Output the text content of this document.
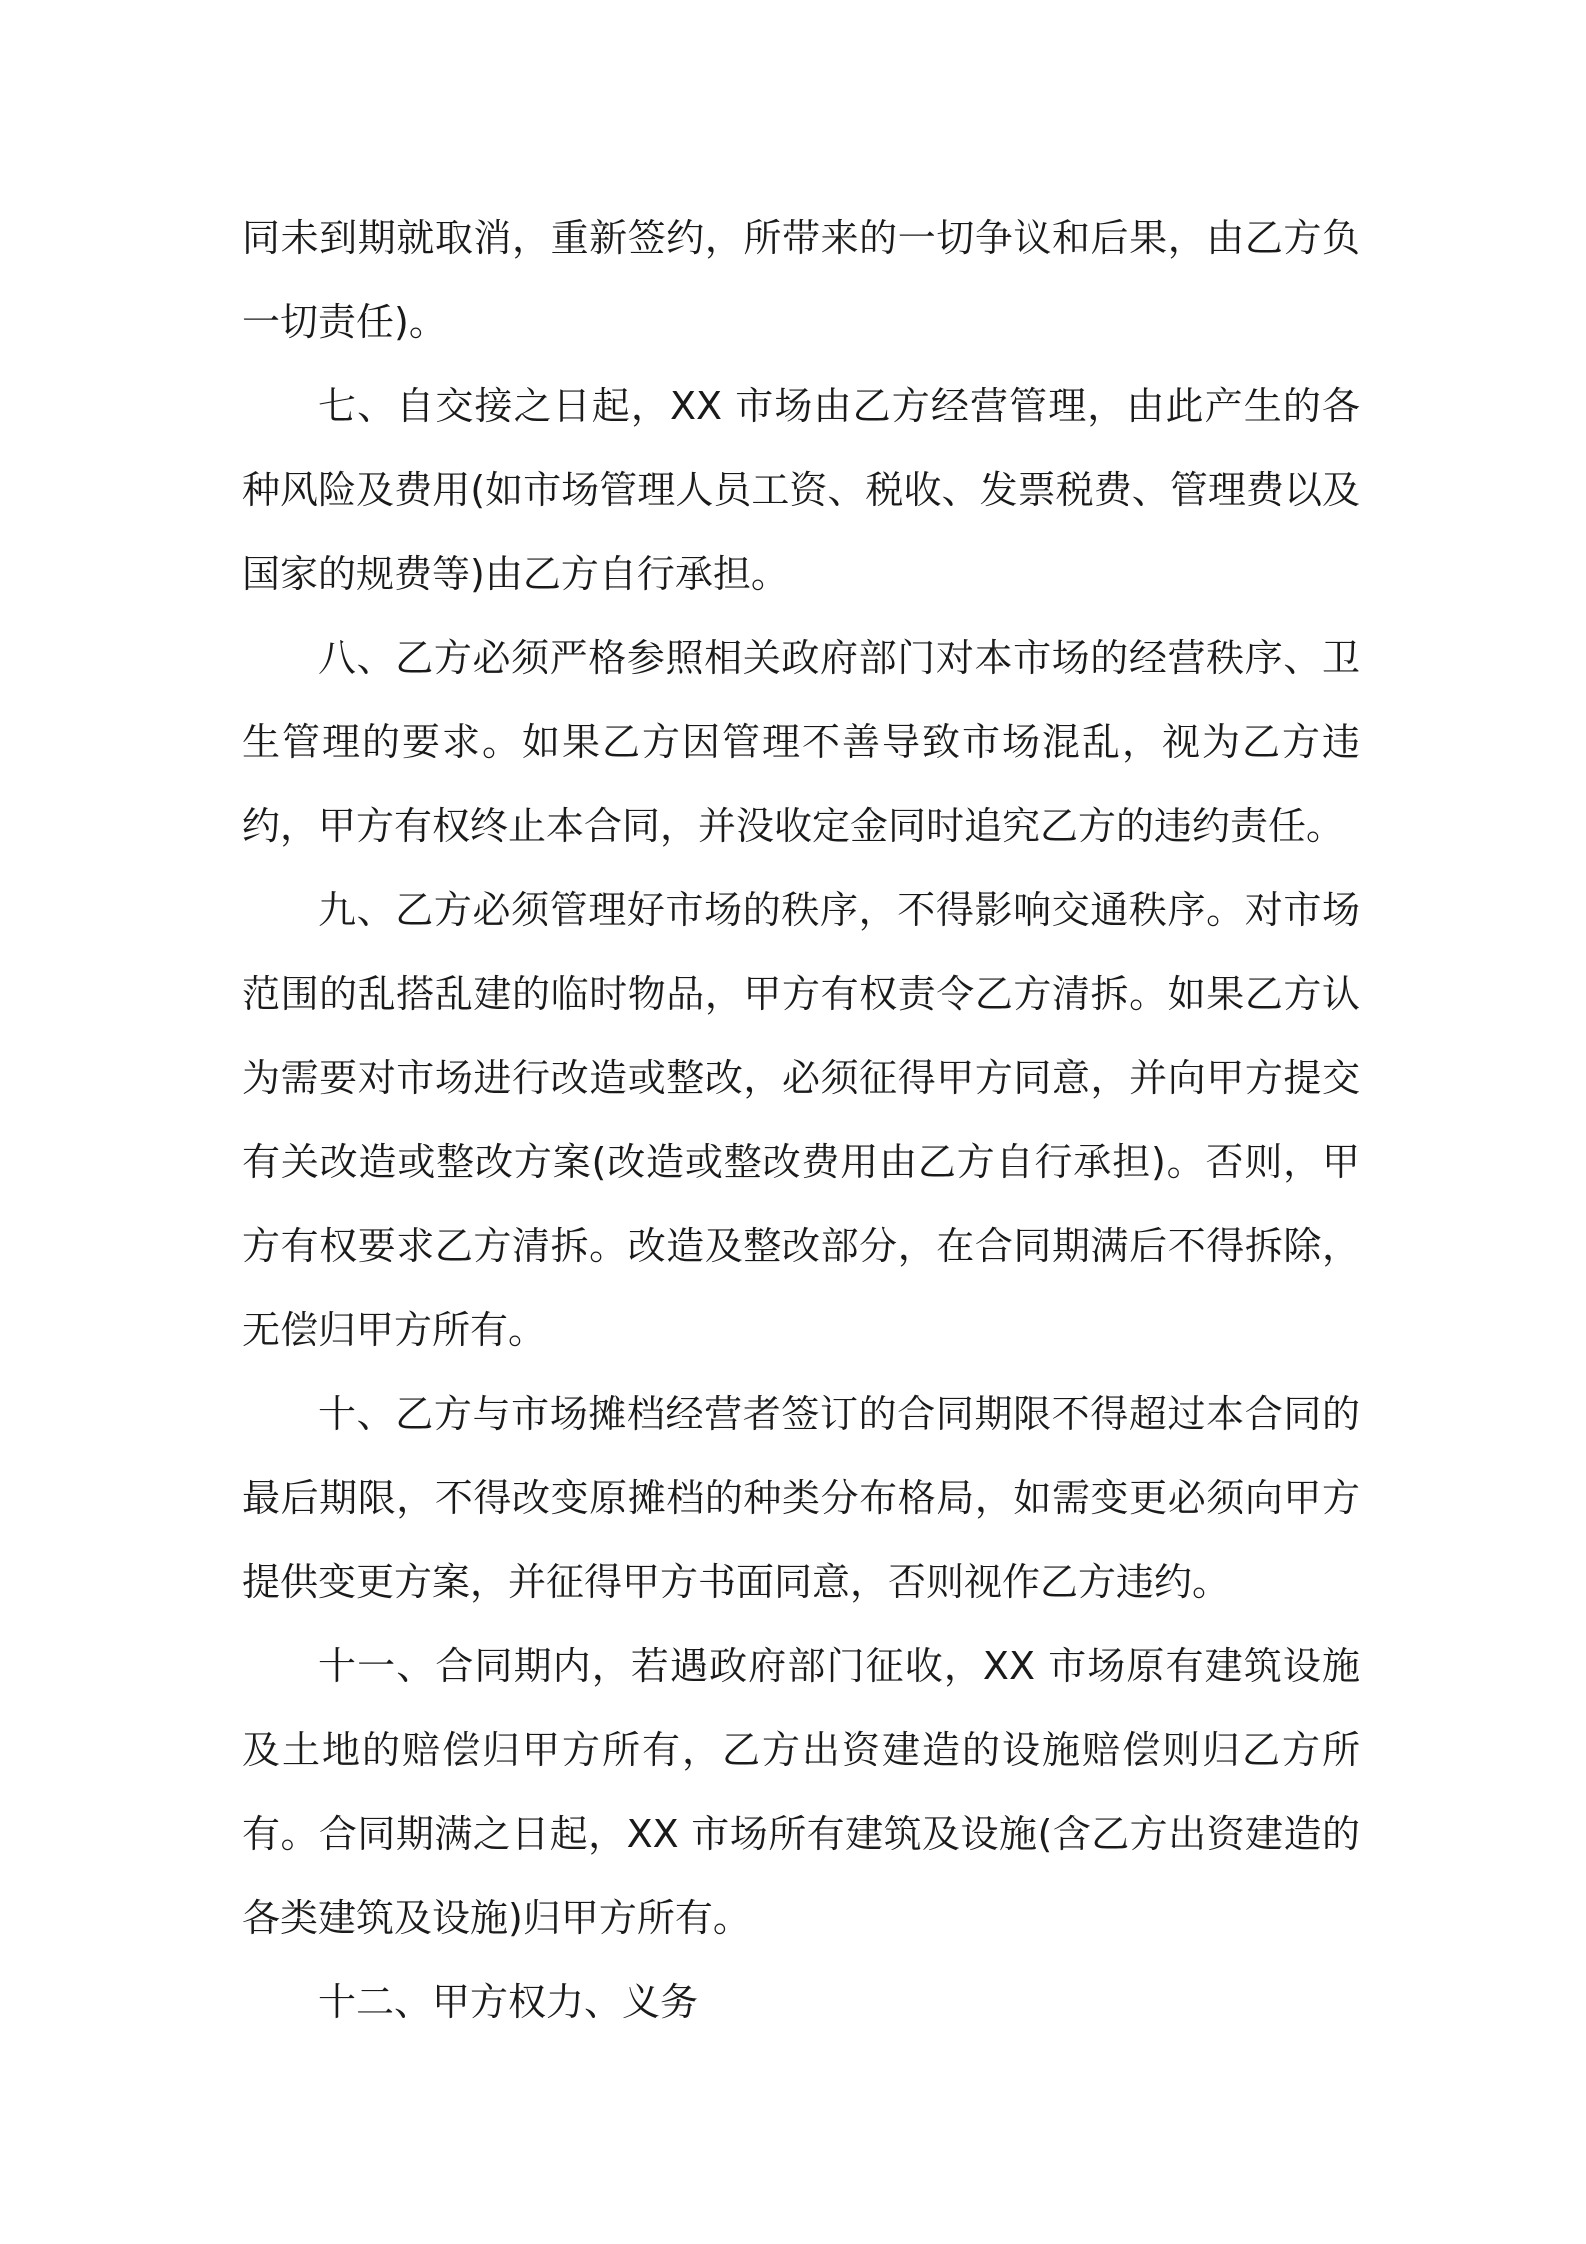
同未到期就取消，重新签约，所带来的一切争议和后果，由乙方负一切责任)。

七、自交接之日起，XX 市场由乙方经营管理，由此产生的各种风险及费用(如市场管理人员工资、税收、发票税费、管理费以及国家的规费等)由乙方自行承担。

八、乙方必须严格参照相关政府部门对本市场的经营秩序、卫生管理的要求。如果乙方因管理不善导致市场混乱，视为乙方违约，甲方有权终止本合同，并没收定金同时追究乙方的违约责任。

九、乙方必须管理好市场的秩序，不得影响交通秩序。对市场范围的乱搭乱建的临时物品，甲方有权责令乙方清拆。如果乙方认为需要对市场进行改造或整改，必须征得甲方同意，并向甲方提交有关改造或整改方案(改造或整改费用由乙方自行承担)。否则，甲方有权要求乙方清拆。改造及整改部分，在合同期满后不得拆除，无偿归甲方所有。

十、乙方与市场摊档经营者签订的合同期限不得超过本合同的最后期限，不得改变原摊档的种类分布格局，如需变更必须向甲方提供变更方案，并征得甲方书面同意，否则视作乙方违约。

十一、合同期内，若遇政府部门征收，XX 市场原有建筑设施及土地的赔偿归甲方所有，乙方出资建造的设施赔偿则归乙方所有。合同期满之日起，XX 市场所有建筑及设施(含乙方出资建造的各类建筑及设施)归甲方所有。

十二、甲方权力、义务
